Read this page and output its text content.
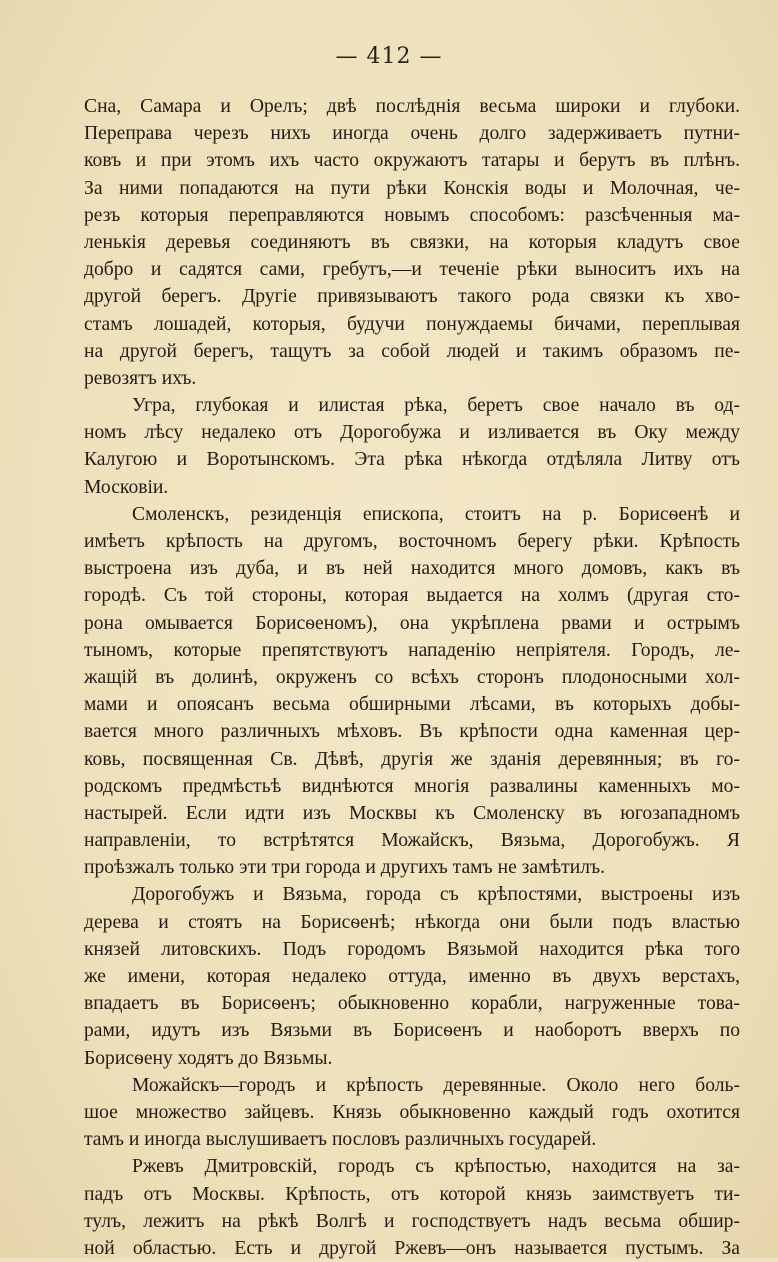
— 412 —
Сна, Самара и Орелъ; двѣ послѣднія весьма широки и глубоки.
Переправа черезъ нихъ иногда очень долго задерживаетъ путни-
ковъ и при этомъ ихъ часто окружаютъ татары и берутъ въ плѣнъ.
За ними попадаются на пути рѣки Конскія воды и Молочная, че-
резъ которыя переправляются новымъ способомъ: разсѣченныя ма-
ленькія деревья соединяютъ въ связки, на которыя кладутъ свое
добро и садятся сами, гребутъ,—и теченіе рѣки выноситъ ихъ на
другой берегъ. Другіе привязываютъ такого рода связки къ хво-
стамъ лошадей, которыя, будучи понуждаемы бичами, переплывая
на другой берегъ, тащутъ за собой людей и такимъ образомъ пе-
ревозятъ ихъ.
Угра, глубокая и илистая рѣка, беретъ свое начало въ од-
номъ лѣсу недалеко отъ Дорогобужа и изливается въ Оку между
Калугою и Воротынскомъ. Эта рѣка нѣкогда отдѣляла Литву отъ
Московіи.
Смоленскъ, резиденція епископа, стоитъ на р. Борисѳенѣ и
имѣетъ крѣпость на другомъ, восточномъ берегу рѣки. Крѣпость
выстроена изъ дуба, и въ ней находится много домовъ, какъ въ
городѣ. Съ той стороны, которая выдается на холмъ (другая сто-
рона омывается Борисѳеномъ), она укрѣплена рвами и острымъ
тыномъ, которые препятствуютъ нападенію непріятеля. Городъ, ле-
жащій въ долинѣ, окруженъ со всѣхъ сторонъ плодоносными хол-
мами и опоясанъ весьма обширными лѣсами, въ которыхъ добы-
вается много различныхъ мѣховъ. Въ крѣпости одна каменная цер-
ковь, посвященная Св. Дѣвѣ, другія же зданія деревянныя; въ го-
родскомъ предмѣстьѣ виднѣются многія развалины каменныхъ мо-
настырей. Если идти изъ Москвы къ Смоленску въ югозападномъ
направленіи, то встрѣтятся Можайскъ, Вязьма, Дорогобужъ. Я
проѣзжалъ только эти три города и другихъ тамъ не замѣтилъ.
Дорогобужъ и Вязьма, города съ крѣпостями, выстроены изъ
дерева и стоятъ на Борисѳенѣ; нѣкогда они были подъ властью
князей литовскихъ. Подъ городомъ Вязьмой находится рѣка того
же имени, которая недалеко оттуда, именно въ двухъ верстахъ,
впадаетъ въ Борисѳенъ; обыкновенно корабли, нагруженные това-
рами, идутъ изъ Вязьми въ Борисѳенъ и наоборотъ вверхъ по
Борисѳену ходятъ до Вязьмы.
Можайскъ—городъ и крѣпость деревянные. Около него боль-
шое множество зайцевъ. Князь обыкновенно каждый годъ охотится
тамъ и иногда выслушиваетъ пословъ различныхъ государей.
Ржевъ Дмитровскій, городъ съ крѣпостью, находится на за-
падъ отъ Москвы. Крѣпость, отъ которой князь заимствуетъ ти-
тулъ, лежитъ на рѣкѣ Волгѣ и господствуетъ надъ весьма обшир-
ной областью. Есть и другой Ржевъ—онъ называется пустымъ. За
